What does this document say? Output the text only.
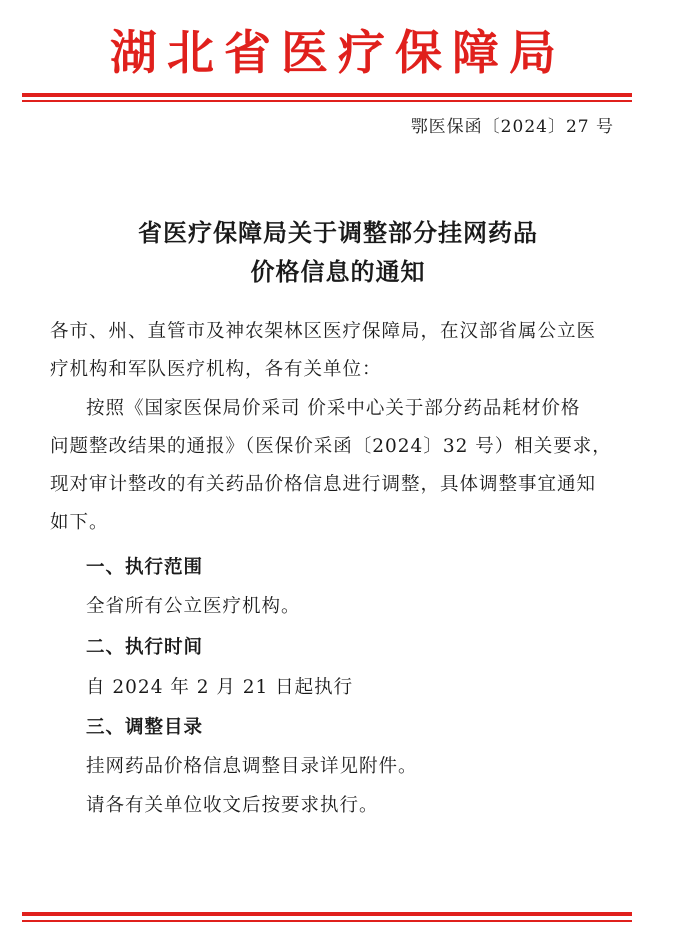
湖北省医疗保障局
鄂医保函〔2024〕27 号
省医疗保障局关于调整部分挂网药品
价格信息的通知
各市、州、直管市及神农架林区医疗保障局，在汉部省属公立医
疗机构和军队医疗机构，各有关单位：
按照《国家医保局价采司 价采中心关于部分药品耗材价格
问题整改结果的通报》（医保价采函〔2024〕32 号）相关要求，
现对审计整改的有关药品价格信息进行调整，具体调整事宜通知
如下。
一、执行范围
全省所有公立医疗机构。
二、执行时间
自 2024 年 2 月 21 日起执行
三、调整目录
挂网药品价格信息调整目录详见附件。
请各有关单位收文后按要求执行。
